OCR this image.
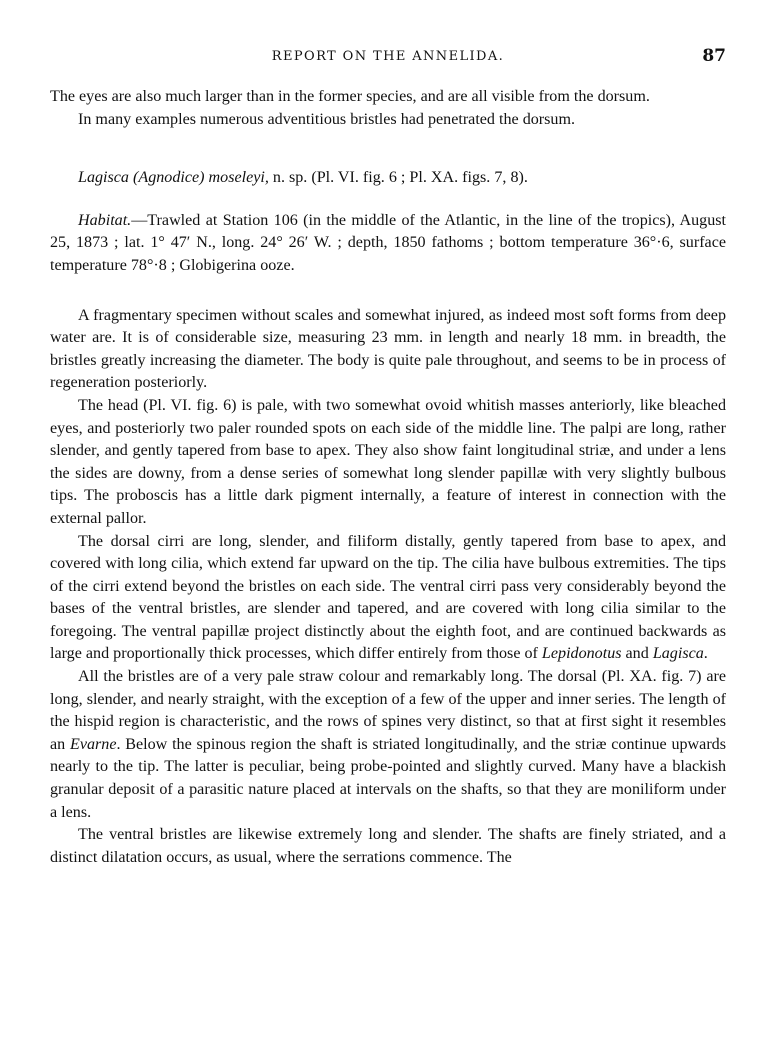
REPORT ON THE ANNELIDA.	87

The eyes are also much larger than in the former species, and are all visible from the dorsum.

In many examples numerous adventitious bristles had penetrated the dorsum.

Lagisca (Agnodice) moseleyi, n. sp. (Pl. VI. fig. 6 ; Pl. XA. figs. 7, 8).

Habitat.—Trawled at Station 106 (in the middle of the Atlantic, in the line of the tropics), August 25, 1873 ; lat. 1° 47′ N., long. 24° 26′ W. ; depth, 1850 fathoms ; bottom temperature 36°·6, surface temperature 78°·8 ; Globigerina ooze.

A fragmentary specimen without scales and somewhat injured, as indeed most soft forms from deep water are. It is of considerable size, measuring 23 mm. in length and nearly 18 mm. in breadth, the bristles greatly increasing the diameter. The body is quite pale throughout, and seems to be in process of regeneration posteriorly.

The head (Pl. VI. fig. 6) is pale, with two somewhat ovoid whitish masses anteriorly, like bleached eyes, and posteriorly two paler rounded spots on each side of the middle line. The palpi are long, rather slender, and gently tapered from base to apex. They also show faint longitudinal striæ, and under a lens the sides are downy, from a dense series of somewhat long slender papillæ with very slightly bulbous tips. The proboscis has a little dark pigment internally, a feature of interest in connection with the external pallor.

The dorsal cirri are long, slender, and filiform distally, gently tapered from base to apex, and covered with long cilia, which extend far upward on the tip. The cilia have bulbous extremities. The tips of the cirri extend beyond the bristles on each side. The ventral cirri pass very considerably beyond the bases of the ventral bristles, are slender and tapered, and are covered with long cilia similar to the foregoing. The ventral papillæ project distinctly about the eighth foot, and are continued backwards as large and proportionally thick processes, which differ entirely from those of Lepidonotus and Lagisca.

All the bristles are of a very pale straw colour and remarkably long. The dorsal (Pl. XA. fig. 7) are long, slender, and nearly straight, with the exception of a few of the upper and inner series. The length of the hispid region is characteristic, and the rows of spines very distinct, so that at first sight it resembles an Evarne. Below the spinous region the shaft is striated longitudinally, and the striæ continue upwards nearly to the tip. The latter is peculiar, being probe-pointed and slightly curved. Many have a blackish granular deposit of a parasitic nature placed at intervals on the shafts, so that they are moniliform under a lens.

The ventral bristles are likewise extremely long and slender. The shafts are finely striated, and a distinct dilatation occurs, as usual, where the serrations commence. The
